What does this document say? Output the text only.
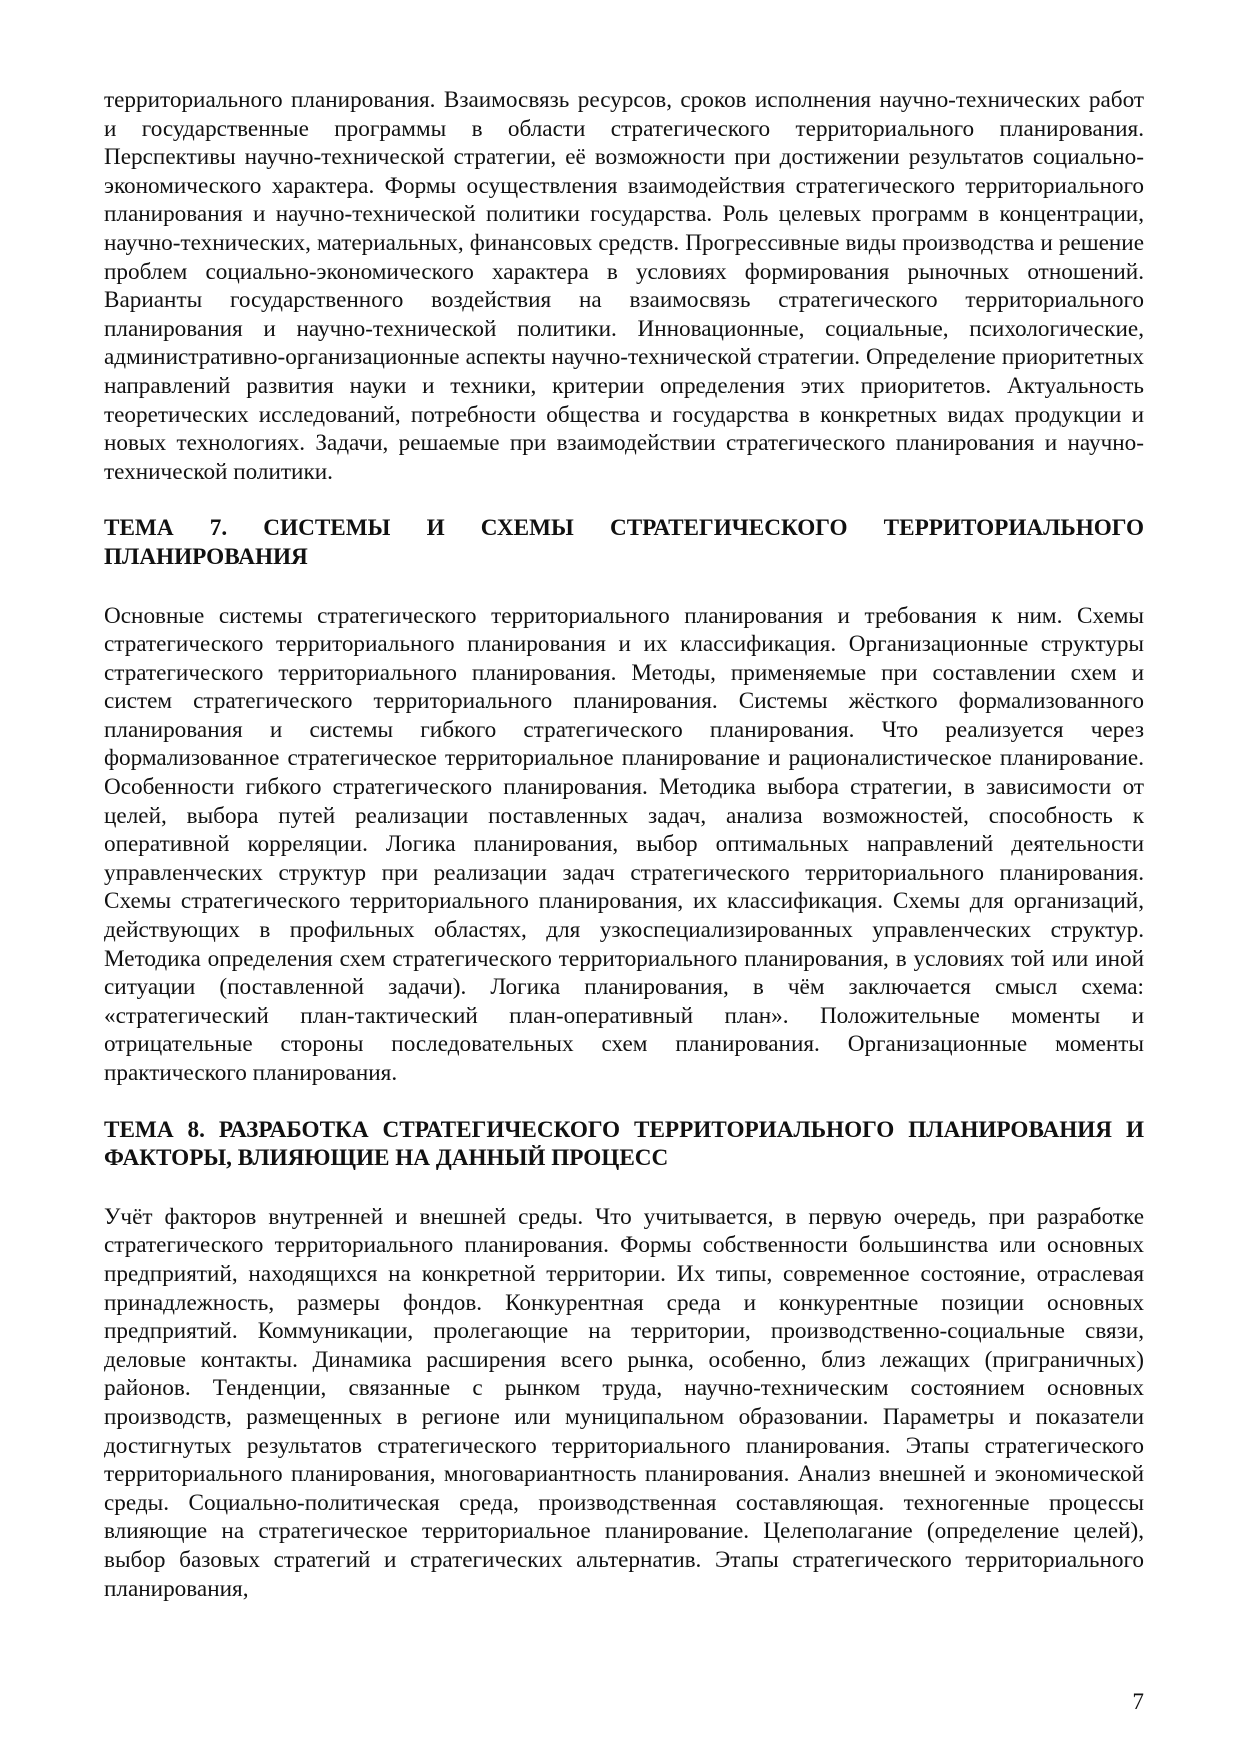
территориального планирования. Взаимосвязь ресурсов, сроков исполнения научно-технических работ и государственные программы в области стратегического территориального планирования. Перспективы научно-технической стратегии, её возможности при достижении результатов социально-экономического характера. Формы осуществления взаимодействия стратегического территориального планирования и научно-технической политики государства. Роль целевых программ в концентрации, научно-технических, материальных, финансовых средств. Прогрессивные виды производства и решение проблем социально-экономического характера в условиях формирования рыночных отношений. Варианты государственного воздействия на взаимосвязь стратегического территориального планирования и научно-технической политики. Инновационные, социальные, психологические, административно-организационные аспекты научно-технической стратегии. Определение приоритетных направлений развития науки и техники, критерии определения этих приоритетов. Актуальность теоретических исследований, потребности общества и государства в конкретных видах продукции и новых технологиях. Задачи, решаемые при взаимодействии стратегического планирования и научно-технической политики.

ТЕМА 7. СИСТЕМЫ И СХЕМЫ СТРАТЕГИЧЕСКОГО ТЕРРИТОРИАЛЬНОГО ПЛАНИРОВАНИЯ

Основные системы стратегического территориального планирования и требования к ним. Схемы стратегического территориального планирования и их классификация. Организационные структуры стратегического территориального планирования. Методы, применяемые при составлении схем и систем стратегического территориального планирования. Системы жёсткого формализованного планирования и системы гибкого стратегического планирования. Что реализуется через формализованное стратегическое территориальное планирование и рационалистическое планирование. Особенности гибкого стратегического планирования. Методика выбора стратегии, в зависимости от целей, выбора путей реализации поставленных задач, анализа возможностей, способность к оперативной корреляции. Логика планирования, выбор оптимальных направлений деятельности управленческих структур при реализации задач стратегического территориального планирования. Схемы стратегического территориального планирования, их классификация. Схемы для организаций, действующих в профильных областях, для узкоспециализированных управленческих структур. Методика определения схем стратегического территориального планирования, в условиях той или иной ситуации (поставленной задачи). Логика планирования, в чём заключается смысл схема: «стратегический план-тактический план-оперативный план». Положительные моменты и отрицательные стороны последовательных схем планирования. Организационные моменты практического планирования.

ТЕМА 8. РАЗРАБОТКА СТРАТЕГИЧЕСКОГО ТЕРРИТОРИАЛЬНОГО ПЛАНИРОВАНИЯ И ФАКТОРЫ, ВЛИЯЮЩИЕ НА ДАННЫЙ ПРОЦЕСС

Учёт факторов внутренней и внешней среды. Что учитывается, в первую очередь, при разработке стратегического территориального планирования. Формы собственности большинства или основных предприятий, находящихся на конкретной территории. Их типы, современное состояние, отраслевая принадлежность, размеры фондов. Конкурентная среда и конкурентные позиции основных предприятий. Коммуникации, пролегающие на территории, производственно-социальные связи, деловые контакты. Динамика расширения всего рынка, особенно, близ лежащих (приграничных) районов. Тенденции, связанные с рынком труда, научно-техническим состоянием основных производств, размещенных в регионе или муниципальном образовании. Параметры и показатели достигнутых результатов стратегического территориального планирования. Этапы стратегического территориального планирования, многовариантность планирования. Анализ внешней и экономической среды. Социально-политическая среда, производственная составляющая. техногенные процессы влияющие на стратегическое территориальное планирование. Целеполагание (определение целей), выбор базовых стратегий и стратегических альтернатив. Этапы стратегического территориального планирования,

7
